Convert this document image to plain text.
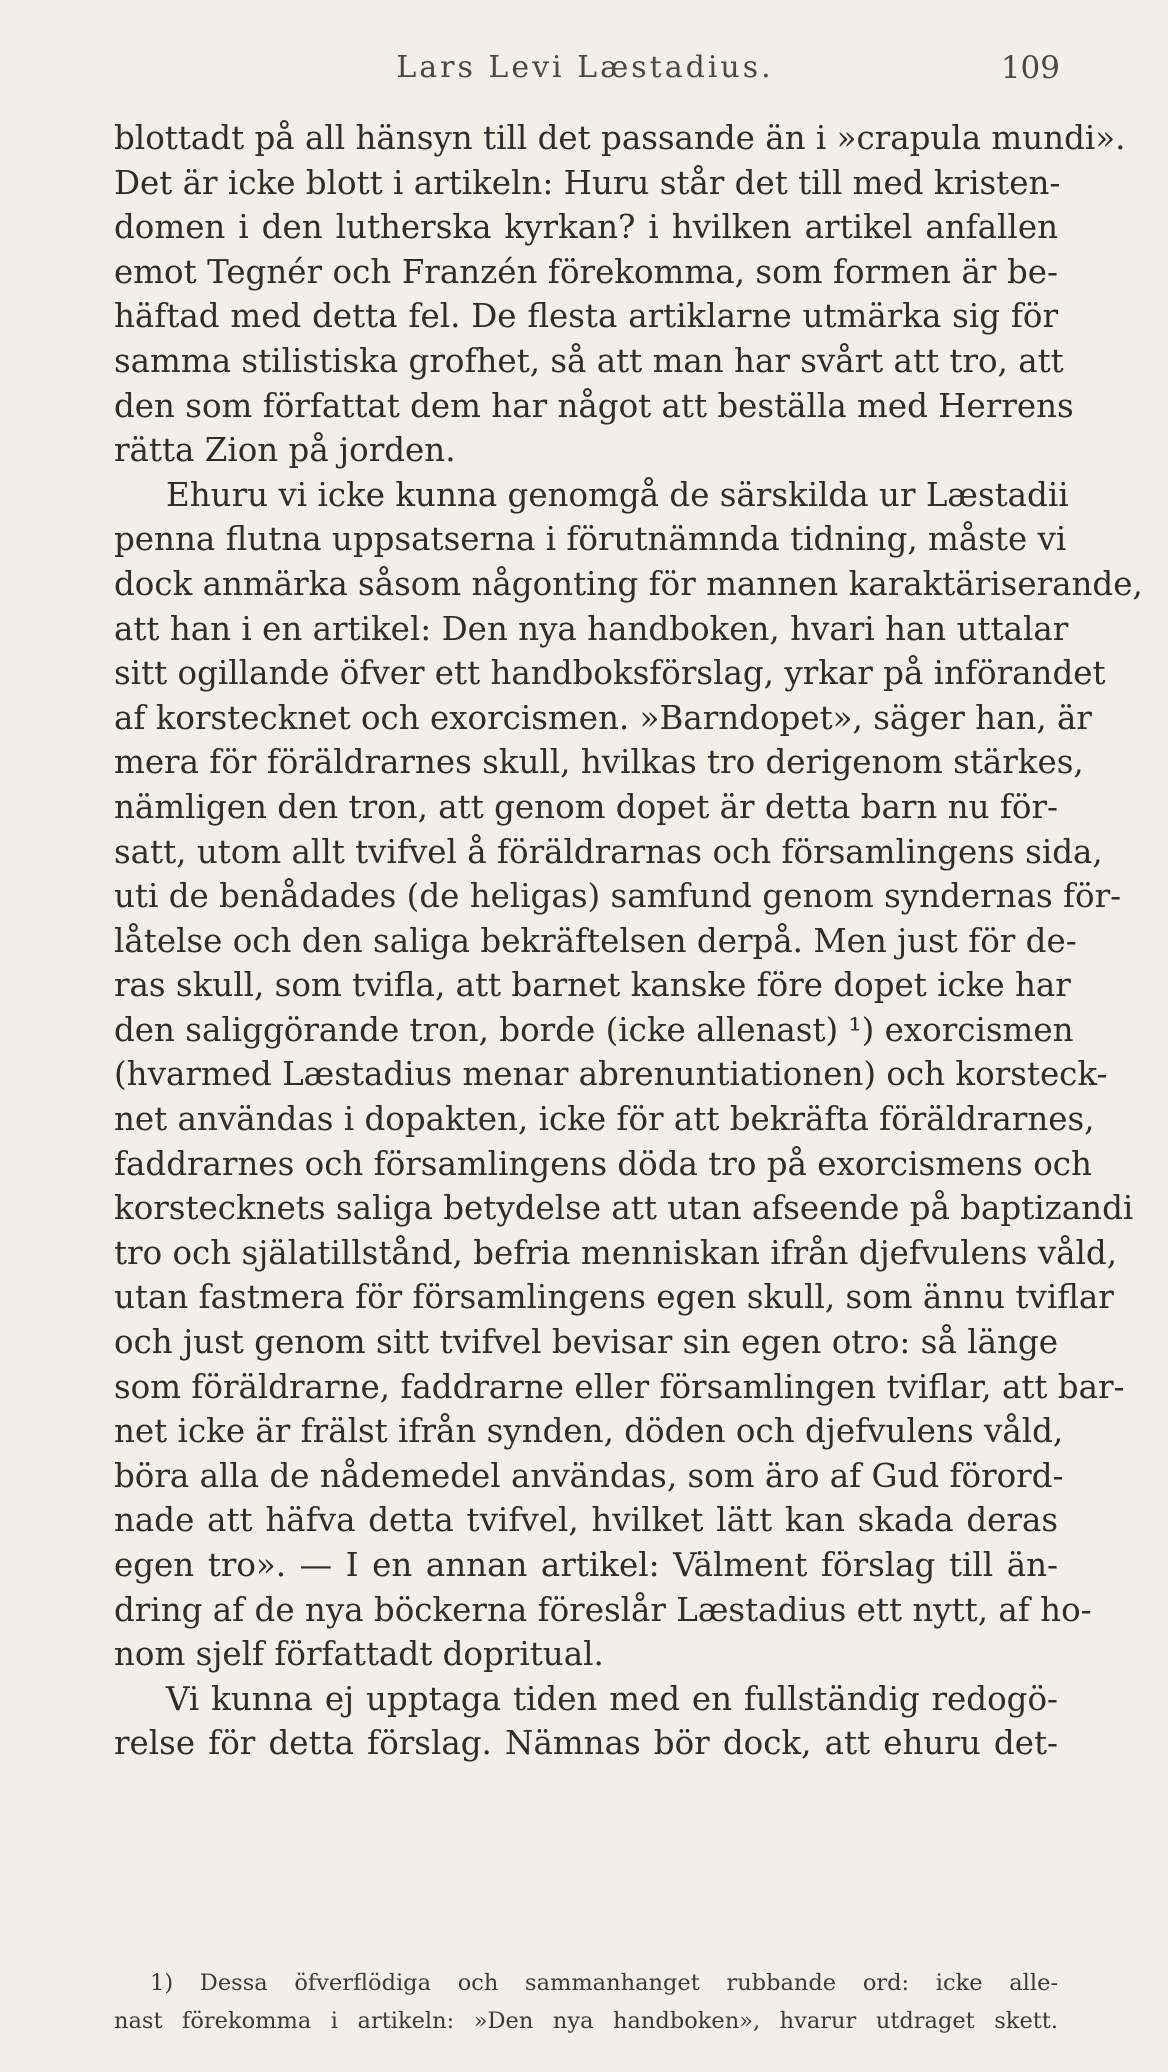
Lars Levi Læstadius.	109
blottadt på all hänsyn till det passande än i »crapula mundi».
Det är icke blott i artikeln: Huru står det till med kristen-
domen i den lutherska kyrkan? i hvilken artikel anfallen
emot Tegnér och Franzén förekomma, som formen är be-
häftad med detta fel. De flesta artiklarne utmärka sig för
samma stilistiska grofhet, så att man har svårt att tro, att
den som författat dem har något att beställa med Herrens
rätta Zion på jorden.
Ehuru vi icke kunna genomgå de särskilda ur Læstadii
penna flutna uppsatserna i förutnämnda tidning, måste vi
dock anmärka såsom någonting för mannen karaktäriserande,
att han i en artikel: Den nya handboken, hvari han uttalar
sitt ogillande öfver ett handboksförslag, yrkar på införandet
af korstecknet och exorcismen. »Barndopet», säger han, är
mera för föräldrarnes skull, hvilkas tro derigenom stärkes,
nämligen den tron, att genom dopet är detta barn nu för-
satt, utom allt tvifvel å föräldrarnas och församlingens sida,
uti de benådades (de heligas) samfund genom syndernas för-
låtelse och den saliga bekräftelsen derpå. Men just för de-
ras skull, som tvifla, att barnet kanske före dopet icke har
den saliggörande tron, borde (icke allenast) ¹) exorcismen
(hvarmed Læstadius menar abrenuntiationen) och korsteck-
net användas i dopakten, icke för att bekräfta föräldrarnes,
faddrarnes och församlingens döda tro på exorcismens och
korstecknets saliga betydelse att utan afseende på baptizandi
tro och själatillstånd, befria menniskan ifrån djefvulens våld,
utan fastmera för församlingens egen skull, som ännu tviflar
och just genom sitt tvifvel bevisar sin egen otro: så länge
som föräldrarne, faddrarne eller församlingen tviflar, att bar-
net icke är frälst ifrån synden, döden och djefvulens våld,
böra alla de nådemedel användas, som äro af Gud förord-
nade att häfva detta tvifvel, hvilket lätt kan skada deras
egen tro». — I en annan artikel: Välment förslag till än-
dring af de nya böckerna föreslår Læstadius ett nytt, af ho-
nom sjelf författadt dopritual.
Vi kunna ej upptaga tiden med en fullständig redogö-
relse för detta förslag. Nämnas bör dock, att ehuru det-
1) Dessa öfverflödiga och sammanhanget rubbande ord: icke alle-
nast förekomma i artikeln: »Den nya handboken», hvarur utdraget skett.
